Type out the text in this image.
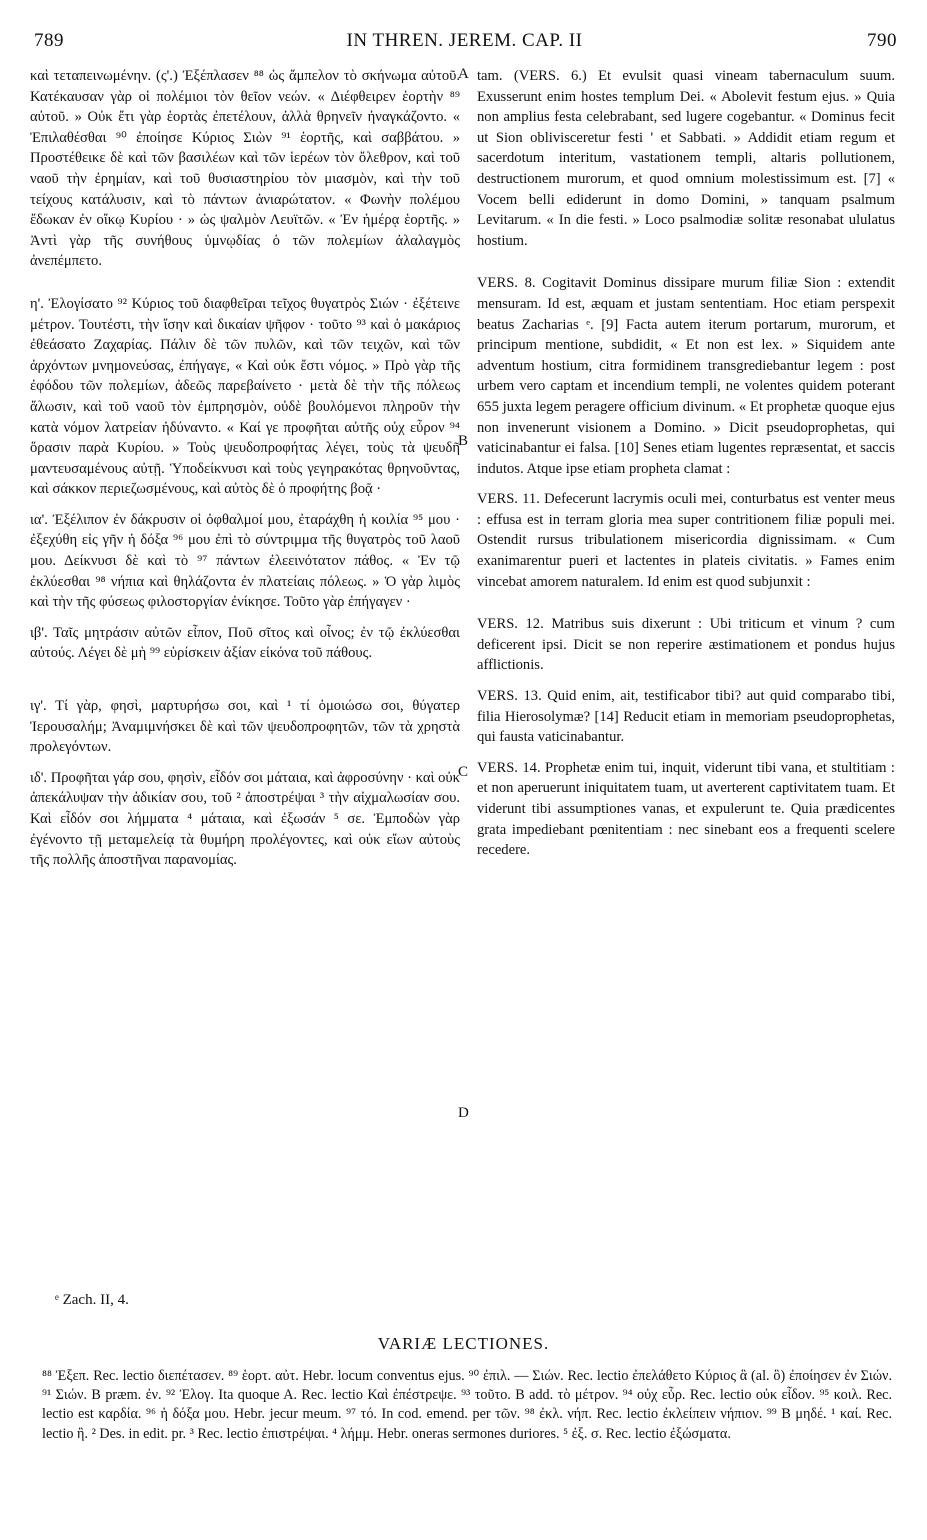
789	IN THREN. JEREM. CAP. II	790

καὶ τεταπεινωμένην. (ς'.) Ἐξέπλασεν ⁸⁸ ὡς ἄμπελον τὸ σκήνωμα αὐτοῦ. Κατέκαυσαν γὰρ οἱ πολέμιοι τὸν θεῖον νεών. « Διέφθειρεν ἑορτὴν ⁸⁹ αὐτοῦ. » Οὐκ ἔτι γὰρ ἑορτὰς ἐπετέλουν, ἀλλὰ θρηνεῖν ἠναγκάζοντο. « Ἐπιλαθέσθαι ⁹⁰ ἐποίησε Κύριος Σιὼν ⁹¹ ἑορτῆς, καὶ σαββάτου. » Προστέθεικε δὲ καὶ τῶν βασιλέων καὶ τῶν ἱερέων τὸν ὄλεθρον, καὶ τοῦ ναοῦ τὴν ἐρημίαν, καὶ τοῦ θυσιαστηρίου τὸν μιασμὸν, καὶ τὴν τοῦ τείχους κατάλυσιν, καὶ τὸ πάντων ἀνιαρώτατον. « Φωνὴν πολέμου ἔδωκαν ἐν οἴκῳ Κυρίου · » ὡς ψαλμὸν Λευϊτῶν. « Ἐν ἡμέρᾳ ἑορτῆς. » Ἀντὶ γὰρ τῆς συνήθους ὑμνῳδίας ὁ τῶν πολεμίων ἀλαλαγμὸς ἀνεπέμπετο.

η'. Ἐλογίσατο ⁹² Κύριος τοῦ διαφθεῖραι τεῖχος θυγατρὸς Σιών · ἐξέτεινε μέτρον. Τουτέστι, τὴν ἴσην καὶ δικαίαν ψῆφον · τοῦτο ⁹³ καὶ ὁ μακάριος ἐθεάσατο Ζαχαρίας. Πάλιν δὲ τῶν πυλῶν, καὶ τῶν τειχῶν, καὶ τῶν ἀρχόντων μνημονεύσας, ἐπήγαγε, « Καὶ οὐκ ἔστι νόμος. » Πρὸ γὰρ τῆς ἐφόδου τῶν πολεμίων, ἀδεῶς παρεβαίνετο · μετὰ δὲ τὴν τῆς πόλεως ἅλωσιν, καὶ τοῦ ναοῦ τὸν ἐμπρησμὸν, οὐδὲ βουλόμενοι πληροῦν τὴν κατὰ νόμον λατρείαν ἠδύναντο. « Καί γε προφῆται αὐτῆς οὐχ εὗρον ⁹⁴ ὅρασιν παρὰ Κυρίου. » Τοὺς ψευδοπροφήτας λέγει, τοὺς τὰ ψευδῆ μαντευσαμένους αὐτῇ. Ὑποδείκνυσι καὶ τοὺς γεγηρακότας θρηνοῦντας, καὶ σάκκον περιεζωσμένους, καὶ αὐτὸς δὲ ὁ προφήτης βοᾷ ·

ια'. Ἐξέλιπον ἐν δάκρυσιν οἱ ὀφθαλμοί μου, ἐταράχθη ἡ κοιλία ⁹⁵ μου · ἐξεχύθη εἰς γῆν ἡ δόξα ⁹⁶ μου ἐπὶ τὸ σύντριμμα τῆς θυγατρὸς τοῦ λαοῦ μου. Δείκνυσι δὲ καὶ τὸ ⁹⁷ πάντων ἐλεεινότατον πάθος. « Ἐν τῷ ἐκλύεσθαι ⁹⁸ νήπια καὶ θηλάζοντα ἐν πλατείαις πόλεως. » Ὁ γὰρ λιμὸς καὶ τὴν τῆς φύσεως φιλοστοργίαν ἐνίκησε. Τοῦτο γὰρ ἐπήγαγεν ·

ιβ'. Ταῖς μητράσιν αὐτῶν εἶπον, Ποῦ σῖτος καὶ οἶνος; ἐν τῷ ἐκλύεσθαι αὐτούς. Λέγει δὲ μὴ ⁹⁹ εὑρίσκειν ἀξίαν εἰκόνα τοῦ πάθους.

ιγ'. Τί γὰρ, φησὶ, μαρτυρήσω σοι, καὶ ¹ τί ὁμοιώσω σοι, θύγατερ Ἱερουσαλήμ; Ἀναμιμνήσκει δὲ καὶ τῶν ψευδοπροφητῶν, τῶν τὰ χρηστὰ προλεγόντων.

ιδ'. Προφῆται γάρ σου, φησὶν, εἶδόν σοι μάταια, καὶ ἀφροσύνην · καὶ οὐκ ἀπεκάλυψαν τὴν ἀδικίαν σου, τοῦ ² ἀποστρέψαι ³ τὴν αἰχμαλωσίαν σου. Καὶ εἶδόν σοι λήμματα ⁴ μάταια, καὶ ἐξωσάν ⁵ σε. Ἐμποδὼν γὰρ ἐγένοντο τῇ μεταμελείᾳ τὰ θυμήρη προλέγοντες, καὶ οὐκ εἴων αὐτοὺς τῆς πολλῆς ἀποστῆναι παρανομίας.

tam. (VERS. 6.) Et evulsit quasi vineam tabernaculum suum. Exusserunt enim hostes templum Dei. « Abolevit festum ejus. » Quia non amplius festa celebrabant, sed lugere cogebantur. « Dominus fecit ut Sion oblivisceretur festi ' et Sabbati. » Addidit etiam regum et sacerdotum interitum, vastationem templi, altaris pollutionem, destructionem murorum, et quod omnium molestissimum est. [7] « Vocem belli ediderunt in domo Domini, » tanquam psalmum Levitarum. « In die festi. » Loco psalmodiæ solitæ resonabat ululatus hostium.

VERS. 8. Cogitavit Dominus dissipare murum filiæ Sion : extendit mensuram. Id est, æquam et justam sententiam. Hoc etiam perspexit beatus Zacharias ᵉ. [9] Facta autem iterum portarum, murorum, et principum mentione, subdidit, « Et non est lex. » Siquidem ante adventum hostium, citra formidinem transgrediebantur legem : post urbem vero captam et incendium templi, ne volentes quidem poterant 655 juxta legem peragere officium divinum. « Et prophetæ quoque ejus non invenerunt visionem a Domino. » Dicit pseudoprophetas, qui vaticinabantur ei falsa. [10] Senes etiam lugentes repræsentat, et saccis indutos. Atque ipse etiam propheta clamat :

VERS. 11. Defecerunt lacrymis oculi mei, conturbatus est venter meus : effusa est in terram gloria mea super contritionem filiæ populi mei. Ostendit rursus tribulationem misericordia dignissimam. « Cum exanimarentur pueri et lactentes in plateis civitatis. » Fames enim vincebat amorem naturalem. Id enim est quod subjunxit :

VERS. 12. Matribus suis dixerunt : Ubi triticum et vinum ? cum deficerent ipsi. Dicit se non reperire æstimationem et pondus hujus afflictionis.

VERS. 13. Quid enim, ait, testificabor tibi? aut quid comparabo tibi, filia Hierosolymæ? [14] Reducit etiam in memoriam pseudoprophetas, qui fausta vaticinabantur.

VERS. 14. Prophetæ enim tui, inquit, viderunt tibi vana, et stultitiam : et non aperuerunt iniquitatem tuam, ut averterent captivitatem tuam. Et viderunt tibi assumptiones vanas, et expulerunt te. Quia prædicentes grata impediebant pœnitentiam : nec sinebant eos a frequenti scelere recedere.

A
B
C
D
ᵉ Zach. II, 4.
VARIÆ LECTIONES.

⁸⁸ Ἐξεπ. Rec. lectio διεπέτασεν. ⁸⁹ ἑορτ. αὐτ. Hebr. locum conventus ejus. ⁹⁰ ἐπιλ. — Σιών. Rec. lectio ἐπελάθετο Κύριος ἃ (al. ὃ) ἐποίησεν ἐν Σιών. ⁹¹ Σιών. B præm. ἐν. ⁹² Ἐλογ. Ita quoque A. Rec. lectio Καὶ ἐπέστρεψε. ⁹³ τοῦτο. B add. τὸ μέτρον. ⁹⁴ οὐχ εὗρ. Rec. lectio οὐκ εἶδον. ⁹⁵ κοιλ. Rec. lectio est καρδία. ⁹⁶ ἡ δόξα μου. Hebr. jecur meum. ⁹⁷ τό. In cod. emend. per τῶν. ⁹⁸ ἐκλ. νήπ. Rec. lectio ἐκλείπειν νήπιον. ⁹⁹ B μηδέ. ¹ καί. Rec. lectio ἢ. ² Des. in edit. pr. ³ Rec. lectio ἐπιστρέψαι. ⁴ λήμμ. Hebr. oneras sermones duriores. ⁵ ἐξ. σ. Rec. lectio ἐξώσματα.
